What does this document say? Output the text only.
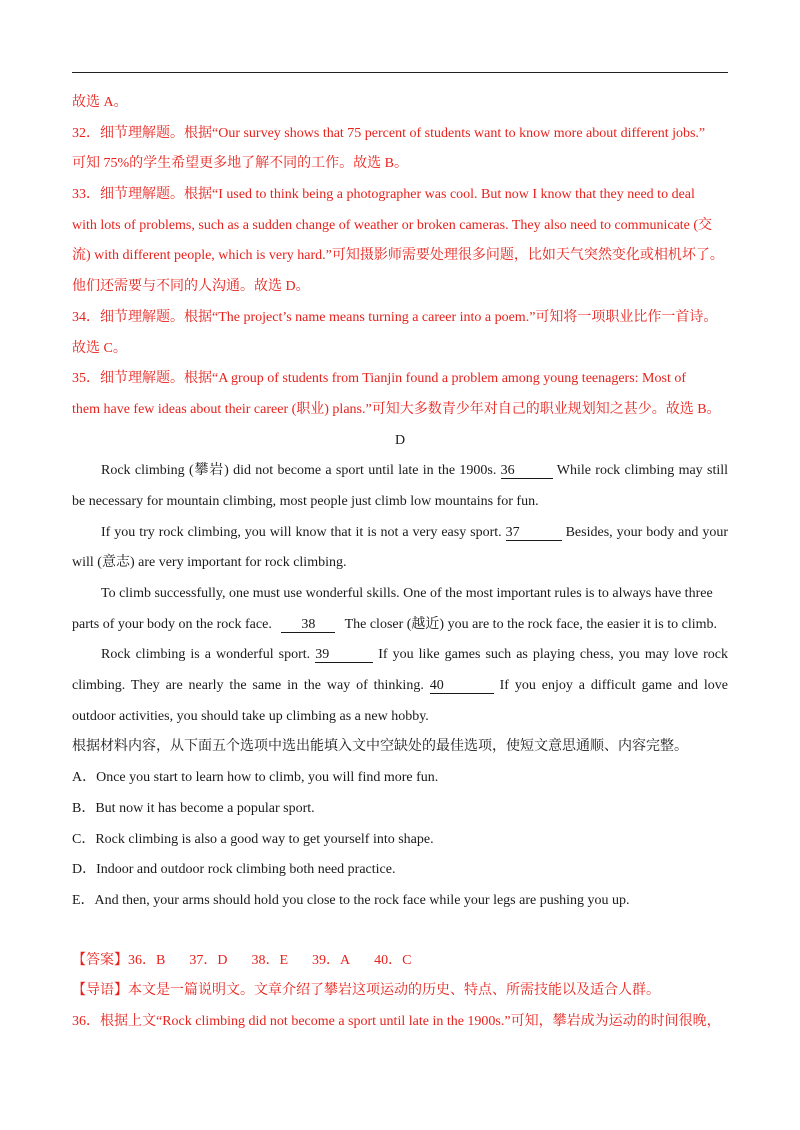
故选 A。
32．细节理解题。根据“Our survey shows that 75 percent of students want to know more about different jobs.”
可知 75%的学生希望更多地了解不同的工作。故选 B。
33．细节理解题。根据“I used to think being a photographer was cool. But now I know that they need to deal
with lots of problems, such as a sudden change of weather or broken cameras. They also need to communicate (交
流) with different people, which is very hard.”可知摄影师需要处理很多问题，比如天气突然变化或相机坏了。
他们还需要与不同的人沟通。故选 D。
34．细节理解题。根据“The project’s name means turning a career into a poem.”可知将一项职业比作一首诗。
故选 C。
35．细节理解题。根据“A group of students from Tianjin found a problem among young teenagers: Most of
them have few ideas about their career (职业) plans.”可知大多数青少年对自己的职业规划知之甚少。故选 B。
D
Rock climbing (攀岩) did not become a sport until late in the 1900s. 36	While rock climbing may still
be necessary for mountain climbing, most people just climb low mountains for fun.
If you try rock climbing, you will know that it is not a very easy sport. 37	Besides, your body and your
will (意志) are very important for rock climbing.
To climb successfully, one must use wonderful skills. One of the most important rules is to always have three
parts of your body on the rock face. 38 The closer (越近) you are to the rock face, the easier it is to climb.
Rock climbing is a wonderful sport. 39	If you like games such as playing chess, you may love rock
climbing. They are nearly the same in the way of thinking. 40	If you enjoy a difficult game and love
outdoor activities, you should take up climbing as a new hobby.
根据材料内容，从下面五个选项中选出能填入文中空缺处的最佳选项，使短文意思通顺、内容完整。
A．Once you start to learn how to climb, you will find more fun.
B．But now it has become a popular sport.
C．Rock climbing is also a good way to get yourself into shape.
D．Indoor and outdoor rock climbing both need practice.
E．And then, your arms should hold you close to the rock face while your legs are pushing you up.
【答案】36．B 37．D 38．E 39．A 40．C
【导语】本文是一篇说明文。文章介绍了攀岩这项运动的历史、特点、所需技能以及适合人群。
36．根据上文“Rock climbing did not become a sport until late in the 1900s.”可知，攀岩成为运动的时间很晚，
